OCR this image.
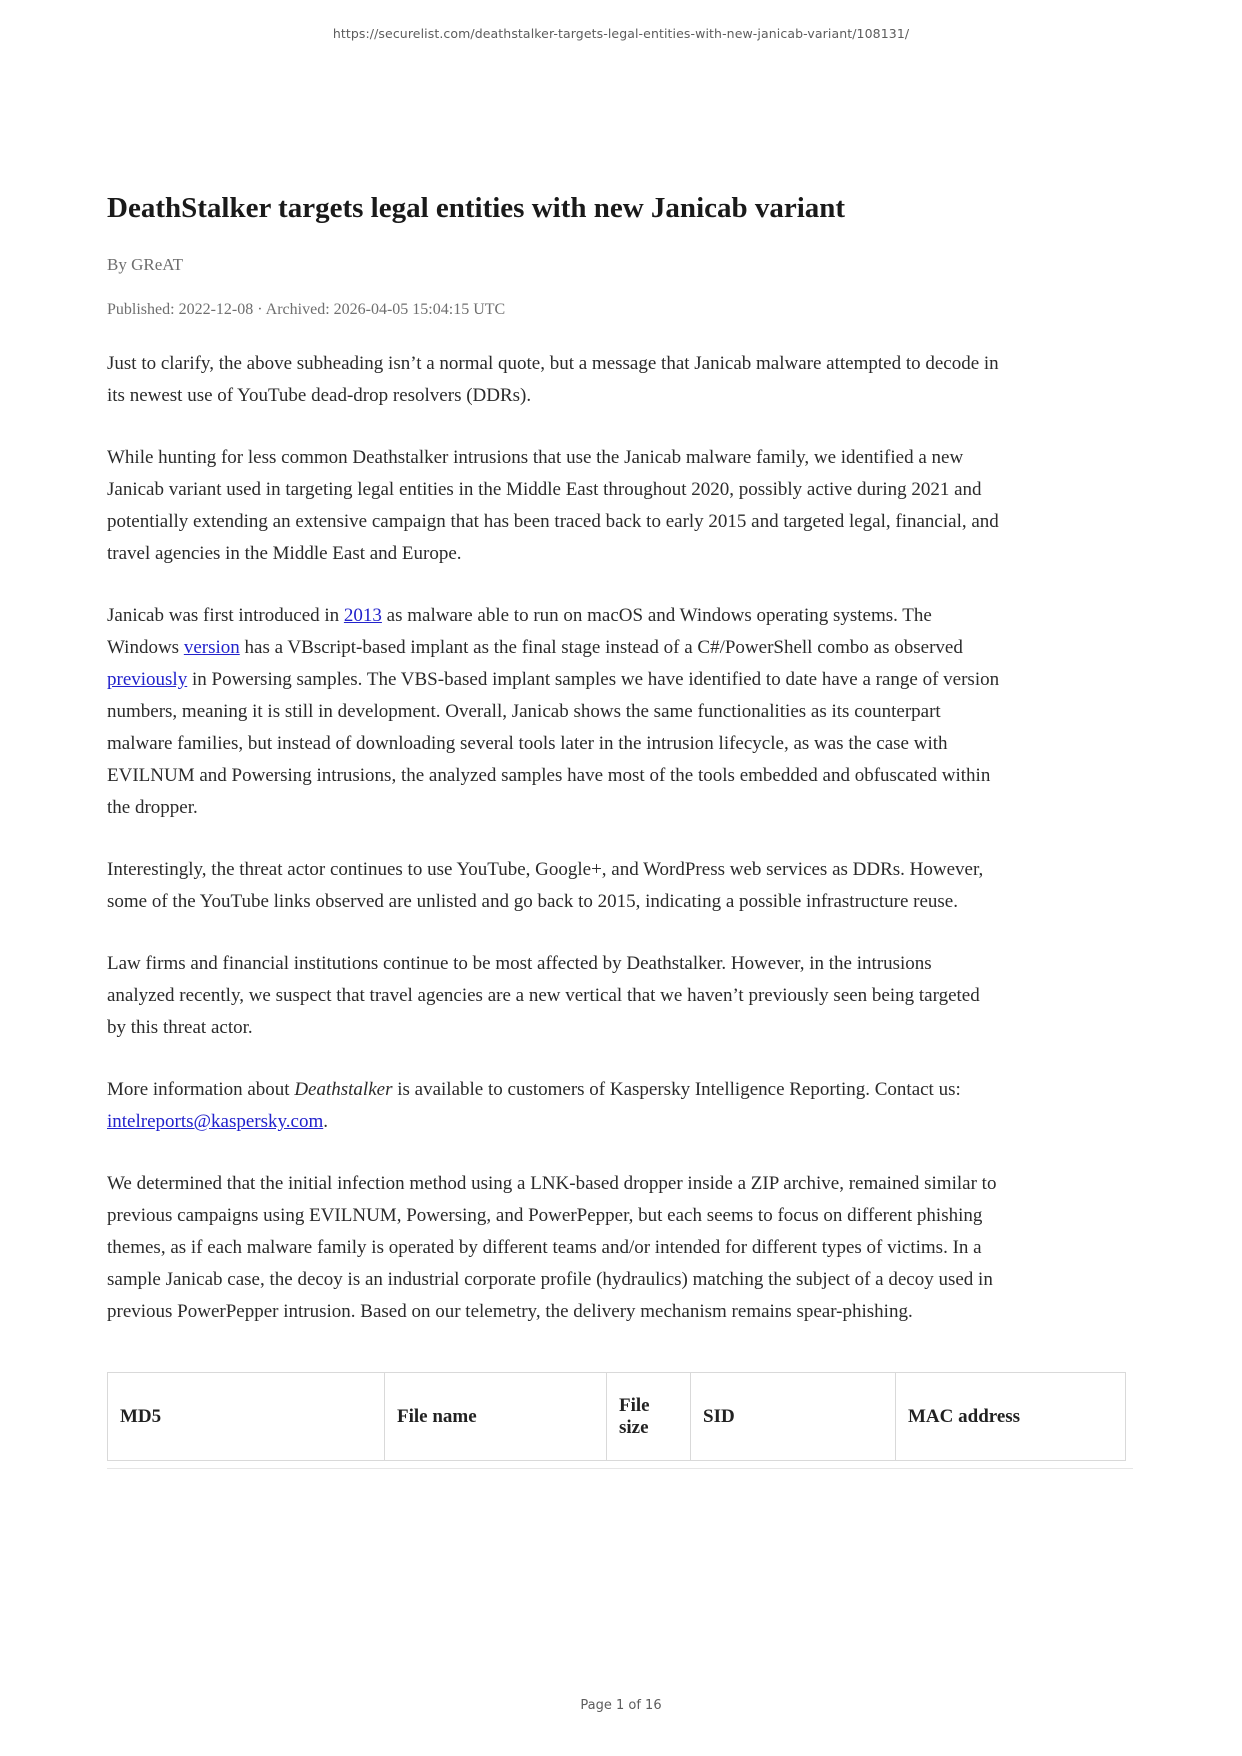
https://securelist.com/deathstalker-targets-legal-entities-with-new-janicab-variant/108131/
DeathStalker targets legal entities with new Janicab variant
By GReAT
Published: 2022-12-08 · Archived: 2026-04-05 15:04:15 UTC

Just to clarify, the above subheading isn’t a normal quote, but a message that Janicab malware attempted to decode in its newest use of YouTube dead-drop resolvers (DDRs).

While hunting for less common Deathstalker intrusions that use the Janicab malware family, we identified a new Janicab variant used in targeting legal entities in the Middle East throughout 2020, possibly active during 2021 and potentially extending an extensive campaign that has been traced back to early 2015 and targeted legal, financial, and travel agencies in the Middle East and Europe.

Janicab was first introduced in 2013 as malware able to run on macOS and Windows operating systems. The Windows version has a VBscript-based implant as the final stage instead of a C#/PowerShell combo as observed previously in Powersing samples. The VBS-based implant samples we have identified to date have a range of version numbers, meaning it is still in development. Overall, Janicab shows the same functionalities as its counterpart malware families, but instead of downloading several tools later in the intrusion lifecycle, as was the case with EVILNUM and Powersing intrusions, the analyzed samples have most of the tools embedded and obfuscated within the dropper.

Interestingly, the threat actor continues to use YouTube, Google+, and WordPress web services as DDRs. However, some of the YouTube links observed are unlisted and go back to 2015, indicating a possible infrastructure reuse.

Law firms and financial institutions continue to be most affected by Deathstalker. However, in the intrusions analyzed recently, we suspect that travel agencies are a new vertical that we haven’t previously seen being targeted by this threat actor.

More information about Deathstalker is available to customers of Kaspersky Intelligence Reporting. Contact us: intelreports@kaspersky.com.

We determined that the initial infection method using a LNK-based dropper inside a ZIP archive, remained similar to previous campaigns using EVILNUM, Powersing, and PowerPepper, but each seems to focus on different phishing themes, as if each malware family is operated by different teams and/or intended for different types of victims. In a sample Janicab case, the decoy is an industrial corporate profile (hydraulics) matching the subject of a decoy used in previous PowerPepper intrusion. Based on our telemetry, the delivery mechanism remains spear-phishing.

MD5	File name	File size	SID	MAC address
Page 1 of 16
